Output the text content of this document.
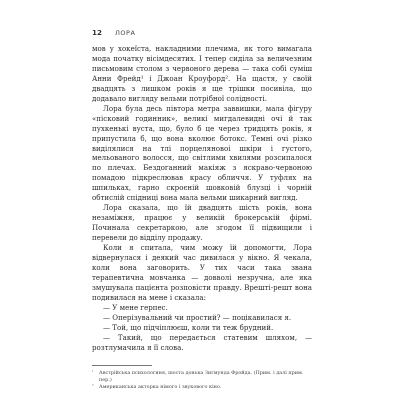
12 ЛОРА

мов у хокеїста, накладними плечима, як того вимагала мода початку вісімдесятих. І тепер сиділа за величезним письмовим столом з червоного дерева — така собі суміш Анни Фрейд¹ і Джоан Кроуфорд². На щастя, у своїй двадцять з лишком років я ще трішки посивіла, що додавало вигляду вельми потрібної солідності.

Лора була десь півтора метра заввишки, мала фігуру «пісковий годинник», великі мигдалевидні очі й так пухкенькі вуста, що, було б це через тридцять років, я припустила б, що вона вколює ботокс. Темні очі різко виділялися на тлі порцеляновоі шкіри і густого, мельованого волосся, що світлими хвилями розсипалося по плечах. Бездоганний макіяж з яскраво-червоною помадою підкреслював красу обличчя. У туфлях на шпильках, гарно скроєній шовковій блузці і чорній обтислій спідниці вона мала вельми шикарний вигляд.

Лора сказала, що їй двадцять шість років, вона незаміжня, працює у великій брокерській фірмі. Починала секретаркою, але згодом її підвищили і перевели до відділу продажу.

Коли я спитала, чим можу їй допомогти, Лора відвернулася і деякий час дивилася у вікно. Я чекала, коли вона заговорить. У тих часи така звана терапевтична мовчанка — довволі незручна, але яка змушувала пацієнта розповісти правду. Врешті-решт вона подивилася на мене і сказала:

— У мене герпес.

— Оперізувальний чи простий? — поцікавилася я.

— Той, що підчіплюєш, коли ти теж брудний.

— Такий, що передається статевим шляхом, — розтлумачила я її слова.

¹ Австрійська психологиня, шоста донька Зигмунда Фройда. (Прим. і далі прим. пер.)
² Американська акторка німого і звукового кіно.
